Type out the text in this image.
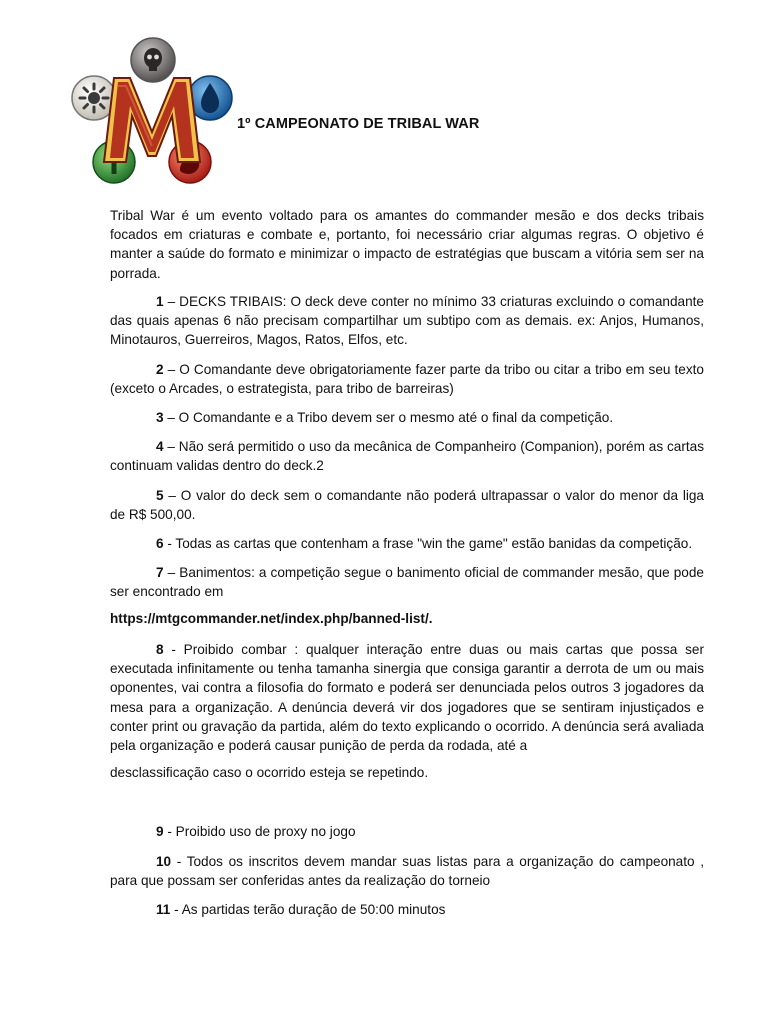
1º CAMPEONATO DE TRIBAL WAR
Tribal War é um evento voltado para os amantes do commander mesão e dos decks tribais focados em criaturas e combate e, portanto, foi necessário criar algumas regras. O objetivo é manter a saúde do formato e minimizar o impacto de estratégias que buscam a vitória sem ser na porrada.
1 – DECKS TRIBAIS: O deck deve conter no mínimo 33 criaturas excluindo o comandante das quais apenas 6 não precisam compartilhar um subtipo com as demais. ex: Anjos, Humanos, Minotauros, Guerreiros, Magos, Ratos, Elfos, etc.
2 – O Comandante deve obrigatoriamente fazer parte da tribo ou citar a tribo em seu texto (exceto o Arcades, o estrategista, para tribo de barreiras)
3 – O Comandante e a Tribo devem ser o mesmo até o final da competição.
4 – Não será permitido o uso da mecânica de Companheiro (Companion), porém as cartas continuam validas dentro do deck.2
5 – O valor do deck sem o comandante não poderá ultrapassar o valor do menor da liga de R$ 500,00.
6 - Todas as cartas que contenham a frase "win the game" estão banidas da competição.
7 – Banimentos: a competição segue o banimento oficial de commander mesão, que pode ser encontrado em
https://mtgcommander.net/index.php/banned-list/.
8 - Proibido combar : qualquer interação entre duas ou mais cartas que possa ser executada infinitamente ou tenha tamanha sinergia que consiga garantir a derrota de um ou mais oponentes, vai contra a filosofia do formato e poderá ser denunciada pelos outros 3 jogadores da mesa para a organização. A denúncia deverá vir dos jogadores que se sentiram injustiçados e conter print ou gravação da partida, além do texto explicando o ocorrido. A denúncia será avaliada pela organização e poderá causar punição de perda da rodada, até a
desclassificação caso o ocorrido esteja se repetindo.
9 - Proibido uso de proxy no jogo
10 - Todos os inscritos devem mandar suas listas para a organização do campeonato , para que possam ser conferidas antes da realização do torneio
11 - As partidas terão duração de 50:00 minutos
